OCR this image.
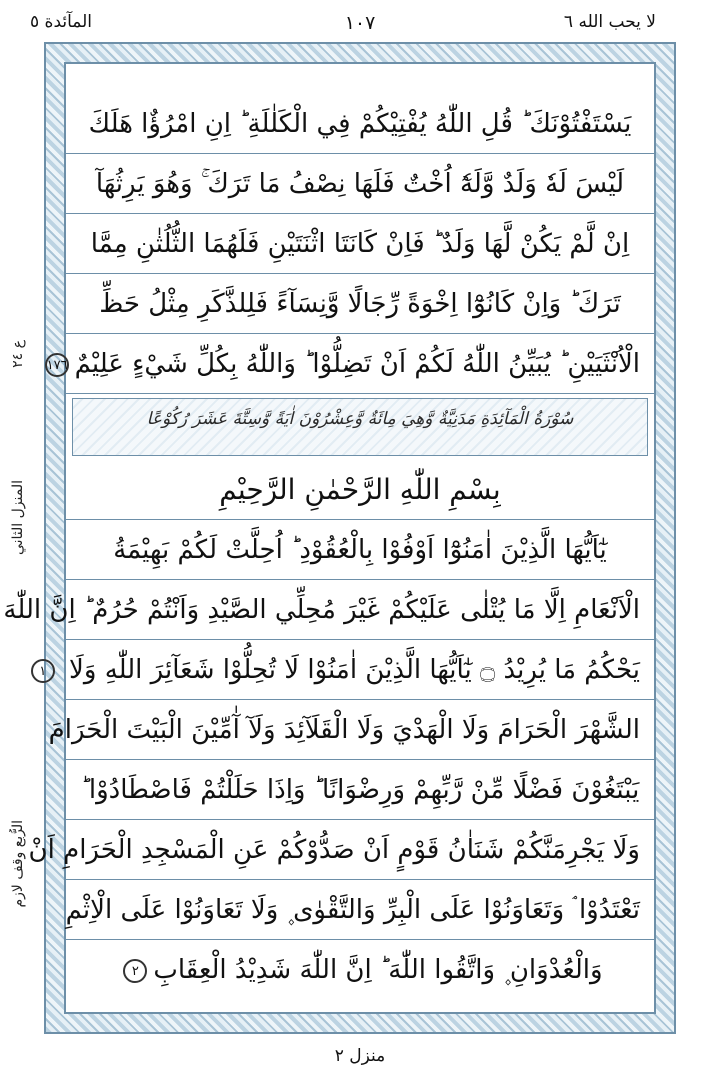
لا يحب الله ٦
١٠٧
المآئدة ٥
ع ٢٤
المنزل الثاني
الرُّبع وقف لازم
يَسْتَفْتُوْنَكَ ؕ قُلِ اللّٰهُ يُفْتِيْكُمْ فِي الْكَلٰلَةِ ؕ اِنِ امْرُؤٌا هَلَكَ
لَيْسَ لَهٗ وَلَدٌ وَّلَهٗٓ اُخْتٌ فَلَهَا نِصْفُ مَا تَرَكَ ۚ وَهُوَ يَرِثُهَآ
اِنْ لَّمْ يَكُنْ لَّهَا وَلَدٌ ؕ فَاِنْ كَانَتَا اثْنَتَيْنِ فَلَهُمَا الثُّلُثٰنِ مِمَّا
تَرَكَ ؕ وَاِنْ كَانُوْٓا اِخْوَةً رِّجَالًا وَّنِسَآءً فَلِلذَّكَرِ مِثْلُ حَظِّ
الْاُنْثَيَيْنِ ؕ يُبَيِّنُ اللّٰهُ لَكُمْ اَنْ تَضِلُّوْا ؕ وَاللّٰهُ بِكُلِّ شَيْءٍ عَلِيْمٌ١٧٦
سُوْرَةُ الْمَآئِدَةِ مَدَنِيَّةٌ وَّهِيَ مِائَةٌ وَّعِشْرُوْنَ اٰيَةً وَّسِتَّةَ عَشَرَ رُكُوْعًا
بِسْمِ اللّٰهِ الرَّحْمٰنِ الرَّحِيْمِ
يٰٓاَيُّهَا الَّذِيْنَ اٰمَنُوْٓا اَوْفُوْا بِالْعُقُوْدِ ؕ اُحِلَّتْ لَكُمْ بَهِيْمَةُ
الْاَنْعَامِ اِلَّا مَا يُتْلٰى عَلَيْكُمْ غَيْرَ مُحِلِّي الصَّيْدِ وَاَنْتُمْ حُرُمٌ ؕ اِنَّ اللّٰهَ
يَحْكُمُ مَا يُرِيْدُ ۝ يٰٓاَيُّهَا الَّذِيْنَ اٰمَنُوْا لَا تُحِلُّوْا شَعَآئِرَ اللّٰهِ وَلَا ١
الشَّهْرَ الْحَرَامَ وَلَا الْهَدْيَ وَلَا الْقَلَآئِدَ وَلَآ آٰمِّيْنَ الْبَيْتَ الْحَرَامَ
يَبْتَغُوْنَ فَضْلًا مِّنْ رَّبِّهِمْ وَرِضْوَانًا ؕ وَاِذَا حَلَلْتُمْ فَاصْطَادُوْا ؕ
وَلَا يَجْرِمَنَّكُمْ شَنَاٰنُ قَوْمٍ اَنْ صَدُّوْكُمْ عَنِ الْمَسْجِدِ الْحَرَامِ اَنْ
تَعْتَدُوْا ۘ وَتَعَاوَنُوْا عَلَى الْبِرِّ وَالتَّقْوٰى ۪ وَلَا تَعَاوَنُوْا عَلَى الْاِثْمِ
وَالْعُدْوَانِ ۪ وَاتَّقُوا اللّٰهَ ؕ اِنَّ اللّٰهَ شَدِيْدُ الْعِقَابِ٢
منزل ٢
